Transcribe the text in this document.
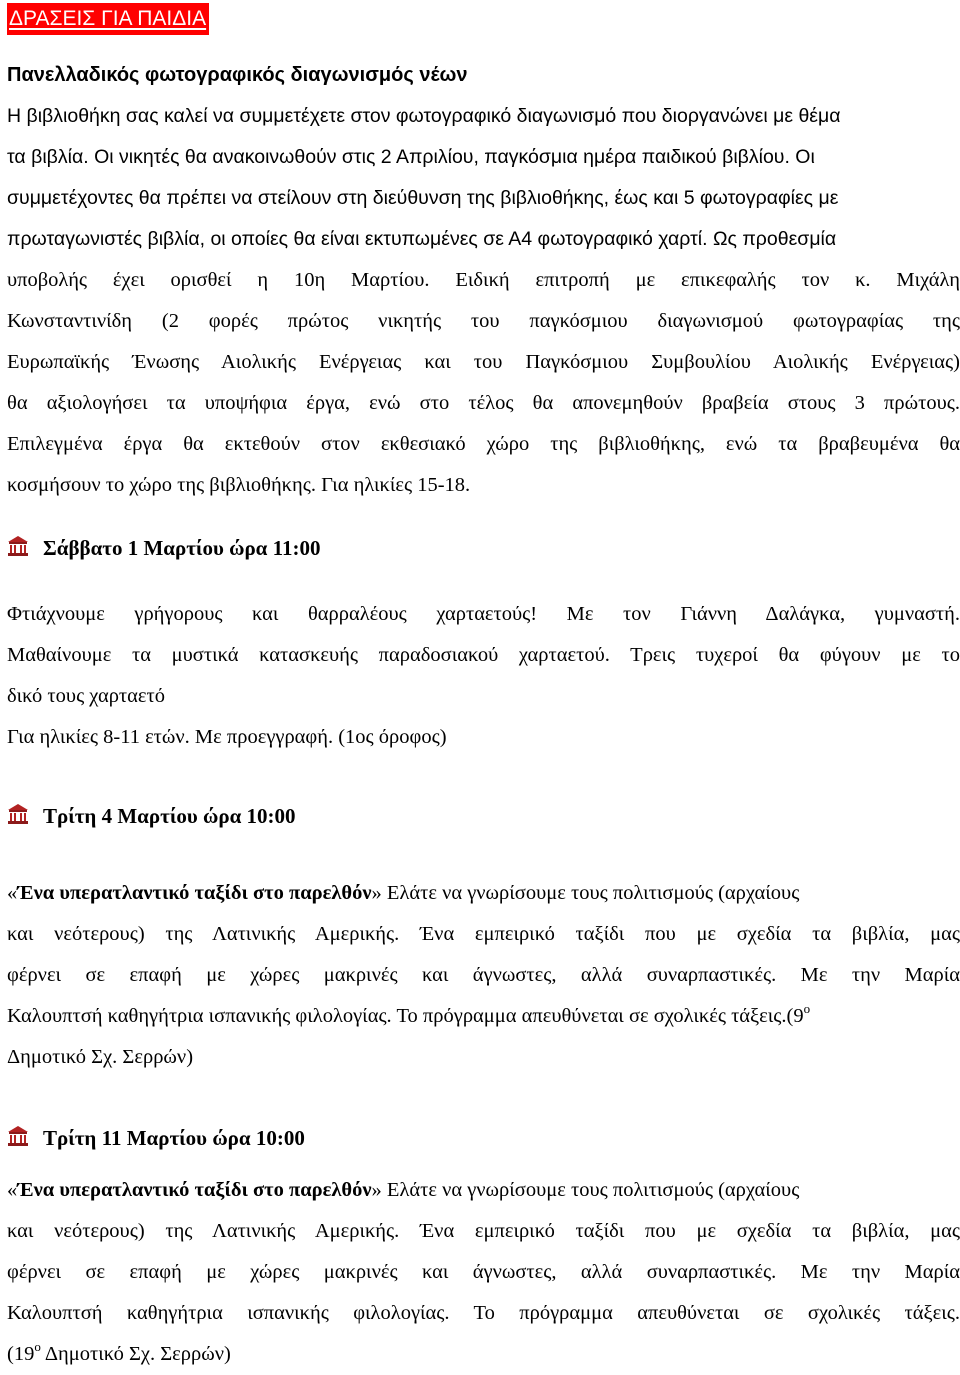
ΔΡΑΣΕΙΣ ΓΙΑ ΠΑΙΔΙΑ
Πανελλαδικός φωτογραφικός διαγωνισμός νέων
Η βιβλιοθήκη σας καλεί να συμμετέχετε στον φωτογραφικό διαγωνισμό που διοργανώνει με θέμα
τα βιβλία. Οι νικητές θα ανακοινωθούν στις 2 Απριλίου, παγκόσμια ημέρα παιδικού βιβλίου. Οι
συμμετέχοντες θα πρέπει να στείλουν στη διεύθυνση της βιβλιοθήκης, έως και 5 φωτογραφίες με
πρωταγωνιστές βιβλία, οι οποίες θα είναι εκτυπωμένες σε Α4 φωτογραφικό χαρτί. Ως προθεσμία
υποβολής έχει ορισθεί η 10η Μαρτίου. Ειδική επιτροπή με επικεφαλής τον κ. Μιχάλη
Κωνσταντινίδη (2 φορές πρώτος νικητής του παγκόσμιου διαγωνισμού φωτογραφίας της
Ευρωπαϊκής Ένωσης Αιολικής Ενέργειας και του Παγκόσμιου Συμβουλίου Αιολικής Ενέργειας)
θα αξιολογήσει τα υποψήφια έργα, ενώ στο τέλος θα απονεμηθούν βραβεία στους 3 πρώτους.
Επιλεγμένα έργα θα εκτεθούν στον εκθεσιακό χώρο της βιβλιοθήκης, ενώ τα βραβευμένα θα
κοσμήσουν το χώρο της βιβλιοθήκης. Για ηλικίες 15-18.
Σάββατο 1 Μαρτίου ώρα 11:00
Φτιάχνουμε γρήγορους και θαρραλέους χαρταετούς! Με τον Γιάννη Δαλάγκα, γυμναστή.
Μαθαίνουμε τα μυστικά κατασκευής παραδοσιακού χαρταετού. Τρεις τυχεροί θα φύγουν με το
δικό τους χαρταετό
Για ηλικίες 8-11 ετών. Με προεγγραφή. (1ος όροφος)
Τρίτη 4 Μαρτίου ώρα 10:00
«Ένα υπερατλαντικό ταξίδι στο παρελθόν» Ελάτε να γνωρίσουμε τους πολιτισμούς (αρχαίους
και νεότερους) της Λατινικής Αμερικής. Ένα εμπειρικό ταξίδι που με σχεδία τα βιβλία, μας
φέρνει σε επαφή με χώρες μακρινές και άγνωστες, αλλά συναρπαστικές. Με την Μαρία
Καλουπτσή καθηγήτρια ισπανικής φιλολογίας. Το πρόγραμμα απευθύνεται σε σχολικές $\tau ά\xi\varepsilon\iota\varsigma.(9^o$
Δημοτικό Σχ. Σερρών)
Τρίτη 11 Μαρτίου ώρα 10:00
«Ένα υπερατλαντικό ταξίδι στο παρελθόν» Ελάτε να γνωρίσουμε τους πολιτισμούς (αρχαίους
και νεότερους) της Λατινικής Αμερικής. Ένα εμπειρικό ταξίδι που με σχεδία τα βιβλία, μας
φέρνει σε επαφή με χώρες μακρινές και άγνωστες, αλλά συναρπαστικές. Με την Μαρία
Καλουπτσή καθηγήτρια ισπανικής φιλολογίας. Το πρόγραμμα απευθύνεται σε σχολικές τάξεις.
($19^o$ Δημοτικό Σχ. Σερρών)
